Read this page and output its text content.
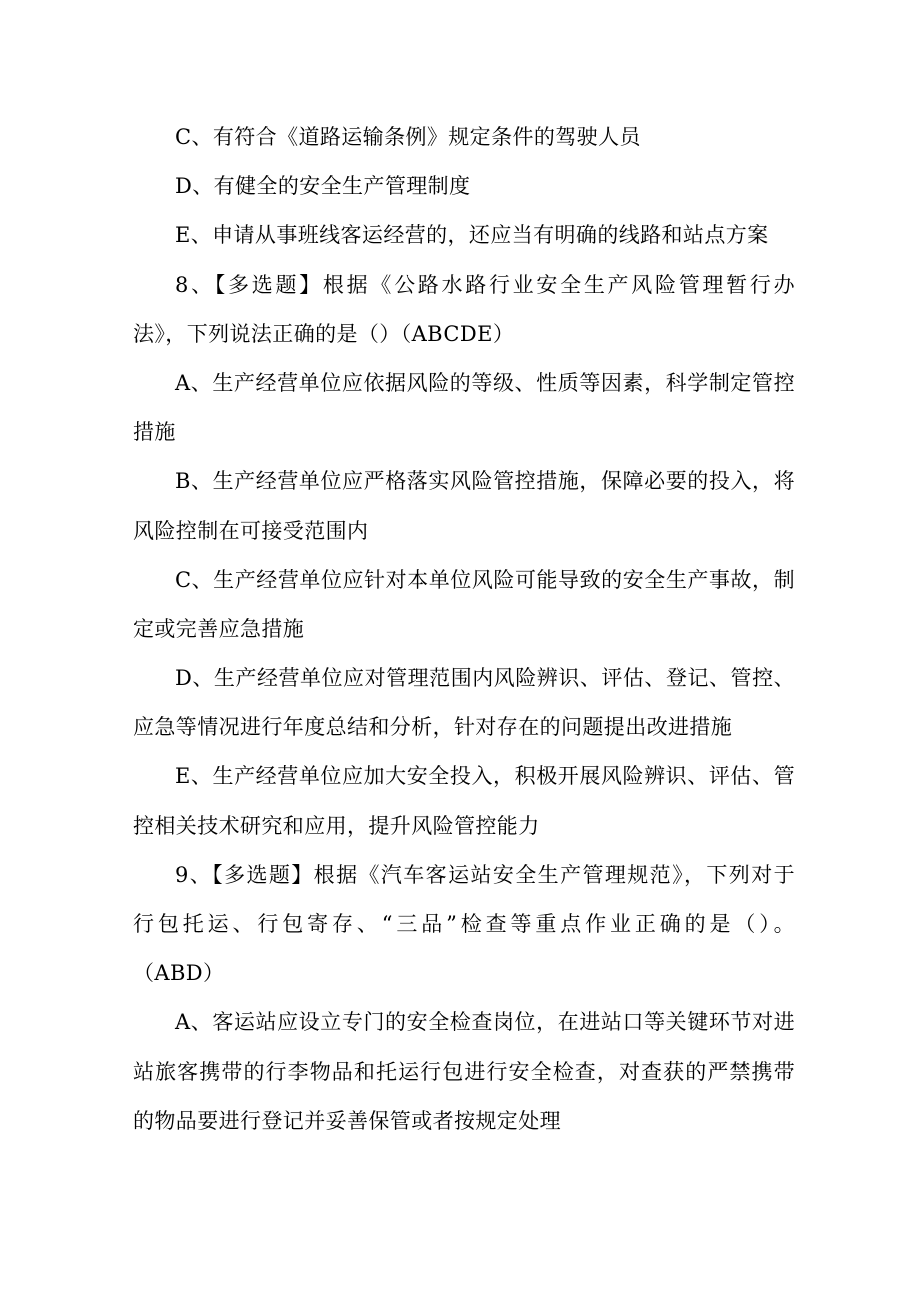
C、有符合《道路运输条例》规定条件的驾驶人员
D、有健全的安全生产管理制度
E、申请从事班线客运经营的，还应当有明确的线路和站点方案
8、【多选题】根据《公路水路行业安全生产风险管理暂行办
法》，下列说法正确的是（）（ABCDE）
A、生产经营单位应依据风险的等级、性质等因素，科学制定管控
措施
B、生产经营单位应严格落实风险管控措施，保障必要的投入，将
风险控制在可接受范围内
C、生产经营单位应针对本单位风险可能导致的安全生产事故，制
定或完善应急措施
D、生产经营单位应对管理范围内风险辨识、评估、登记、管控、
应急等情况进行年度总结和分析，针对存在的问题提出改进措施
E、生产经营单位应加大安全投入，积极开展风险辨识、评估、管
控相关技术研究和应用，提升风险管控能力
9、【多选题】根据《汽车客运站安全生产管理规范》，下列对于
行包托运、行包寄存、“三品”检查等重点作业正确的是（）。
（ABD）
A、客运站应设立专门的安全检查岗位，在进站口等关键环节对进
站旅客携带的行李物品和托运行包进行安全检查，对查获的严禁携带
的物品要进行登记并妥善保管或者按规定处理
